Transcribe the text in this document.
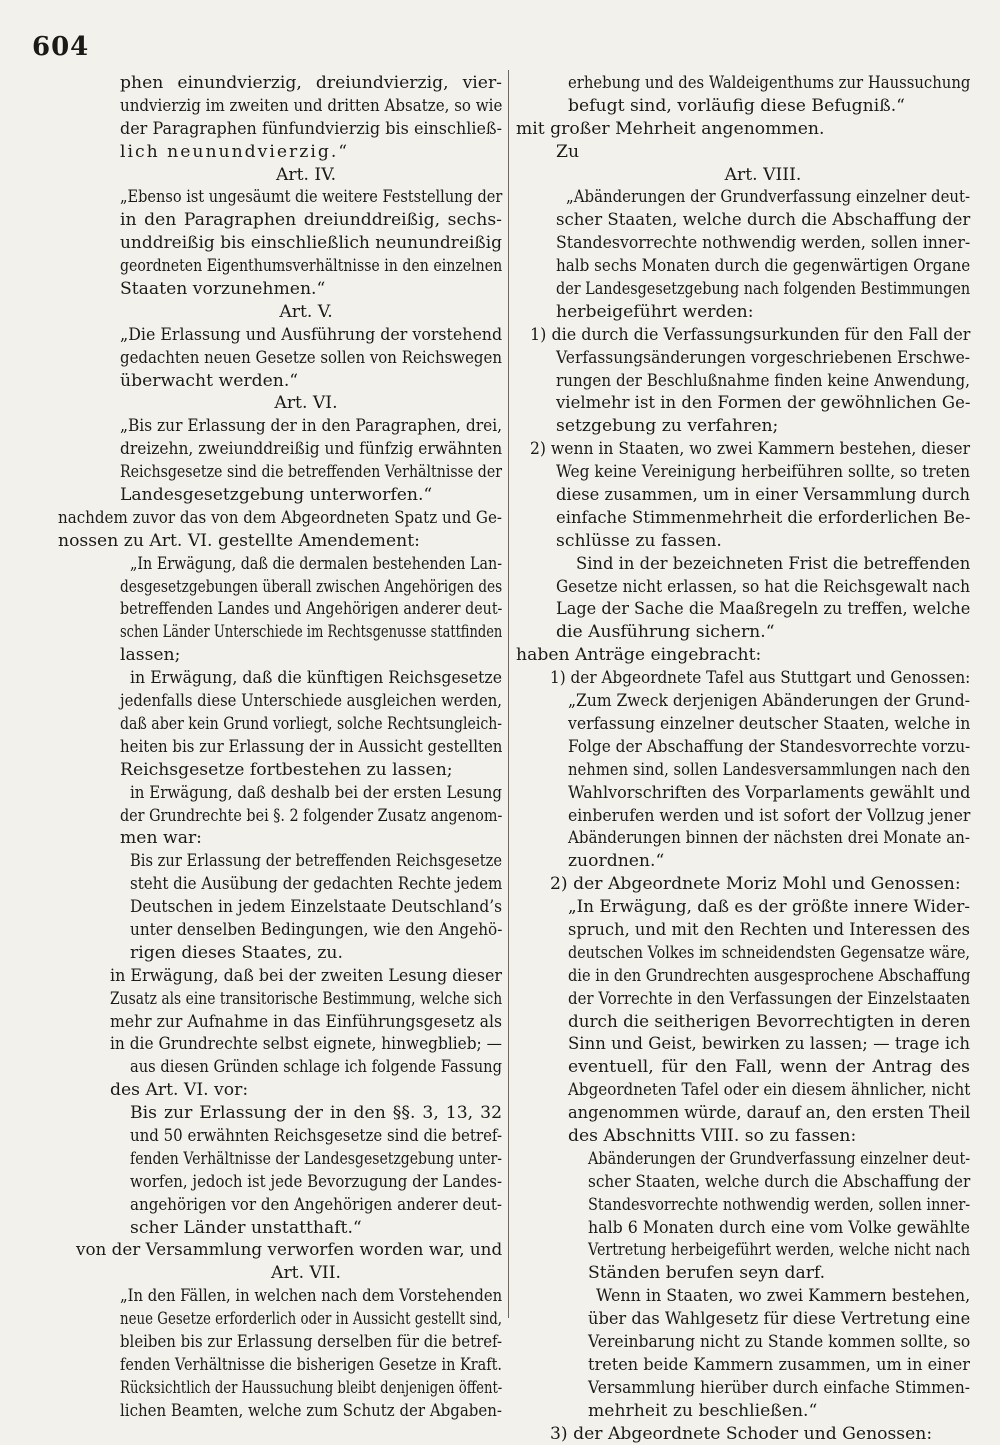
604
phen einundvierzig, dreiundvierzig, vier-
undvierzig im zweiten und dritten Absatze, so wie
der Paragraphen fünfundvierzig bis einschließ-
lich neunundvierzig.“
Art. IV.
„Ebenso ist ungesäumt die weitere Feststellung der
in den Paragraphen dreiunddreißig, sechs-
unddreißig bis einschließlich neunundreißig
geordneten Eigenthumsverhältnisse in den einzelnen
Staaten vorzunehmen.“
Art. V.
„Die Erlassung und Ausführung der vorstehend
gedachten neuen Gesetze sollen von Reichswegen
überwacht werden.“
Art. VI.
„Bis zur Erlassung der in den Paragraphen, drei,
dreizehn, zweiunddreißig und fünfzig erwähnten
Reichsgesetze sind die betreffenden Verhältnisse der
Landesgesetzgebung unterworfen.“
nachdem zuvor das von dem Abgeordneten Spatz und Ge-
nossen zu Art. VI. gestellte Amendement:
„In Erwägung, daß die dermalen bestehenden Lan-
desgesetzgebungen überall zwischen Angehörigen des
betreffenden Landes und Angehörigen anderer deut-
schen Länder Unterschiede im Rechtsgenusse stattfinden
lassen;
in Erwägung, daß die künftigen Reichsgesetze
jedenfalls diese Unterschiede ausgleichen werden,
daß aber kein Grund vorliegt, solche Rechtsungleich-
heiten bis zur Erlassung der in Aussicht gestellten
Reichsgesetze fortbestehen zu lassen;
in Erwägung, daß deshalb bei der ersten Lesung
der Grundrechte bei §. 2 folgender Zusatz angenom-
men war:
Bis zur Erlassung der betreffenden Reichsgesetze
steht die Ausübung der gedachten Rechte jedem
Deutschen in jedem Einzelstaate Deutschland’s
unter denselben Bedingungen, wie den Angehö-
rigen dieses Staates, zu.
in Erwägung, daß bei der zweiten Lesung dieser
Zusatz als eine transitorische Bestimmung, welche sich
mehr zur Aufnahme in das Einführungsgesetz als
in die Grundrechte selbst eignete, hinwegblieb; —
aus diesen Gründen schlage ich folgende Fassung
des Art. VI. vor:
Bis zur Erlassung der in den §§. 3, 13, 32
und 50 erwähnten Reichsgesetze sind die betref-
fenden Verhältnisse der Landesgesetzgebung unter-
worfen, jedoch ist jede Bevorzugung der Landes-
angehörigen vor den Angehörigen anderer deut-
scher Länder unstatthaft.“
von der Versammlung verworfen worden war, und
Art. VII.
„In den Fällen, in welchen nach dem Vorstehenden
neue Gesetze erforderlich oder in Aussicht gestellt sind,
bleiben bis zur Erlassung derselben für die betref-
fenden Verhältnisse die bisherigen Gesetze in Kraft.
Rücksichtlich der Haussuchung bleibt denjenigen öffent-
lichen Beamten, welche zum Schutz der Abgaben-
erhebung und des Waldeigenthums zur Haussuchung
befugt sind, vorläufig diese Befugniß.“
mit großer Mehrheit angenommen.
Zu
Art. VIII.
„Abänderungen der Grundverfassung einzelner deut-
scher Staaten, welche durch die Abschaffung der
Standesvorrechte nothwendig werden, sollen inner-
halb sechs Monaten durch die gegenwärtigen Organe
der Landesgesetzgebung nach folgenden Bestimmungen
herbeigeführt werden:
1) die durch die Verfassungsurkunden für den Fall der
Verfassungsänderungen vorgeschriebenen Erschwe-
rungen der Beschlußnahme finden keine Anwendung,
vielmehr ist in den Formen der gewöhnlichen Ge-
setzgebung zu verfahren;
2) wenn in Staaten, wo zwei Kammern bestehen, dieser
Weg keine Vereinigung herbeiführen sollte, so treten
diese zusammen, um in einer Versammlung durch
einfache Stimmenmehrheit die erforderlichen Be-
schlüsse zu fassen.
Sind in der bezeichneten Frist die betreffenden
Gesetze nicht erlassen, so hat die Reichsgewalt nach
Lage der Sache die Maaßregeln zu treffen, welche
die Ausführung sichern.“
haben Anträge eingebracht:
1) der Abgeordnete Tafel aus Stuttgart und Genossen:
„Zum Zweck derjenigen Abänderungen der Grund-
verfassung einzelner deutscher Staaten, welche in
Folge der Abschaffung der Standesvorrechte vorzu-
nehmen sind, sollen Landesversammlungen nach den
Wahlvorschriften des Vorparlaments gewählt und
einberufen werden und ist sofort der Vollzug jener
Abänderungen binnen der nächsten drei Monate an-
zuordnen.“
2) der Abgeordnete Moriz Mohl und Genossen:
„In Erwägung, daß es der größte innere Wider-
spruch, und mit den Rechten und Interessen des
deutschen Volkes im schneidendsten Gegensatze wäre,
die in den Grundrechten ausgesprochene Abschaffung
der Vorrechte in den Verfassungen der Einzelstaaten
durch die seitherigen Bevorrechtigten in deren
Sinn und Geist, bewirken zu lassen; — trage ich
eventuell, für den Fall, wenn der Antrag des
Abgeordneten Tafel oder ein diesem ähnlicher, nicht
angenommen würde, darauf an, den ersten Theil
des Abschnitts VIII. so zu fassen:
Abänderungen der Grundverfassung einzelner deut-
scher Staaten, welche durch die Abschaffung der
Standesvorrechte nothwendig werden, sollen inner-
halb 6 Monaten durch eine vom Volke gewählte
Vertretung herbeigeführt werden, welche nicht nach
Ständen berufen seyn darf.
Wenn in Staaten, wo zwei Kammern bestehen,
über das Wahlgesetz für diese Vertretung eine
Vereinbarung nicht zu Stande kommen sollte, so
treten beide Kammern zusammen, um in einer
Versammlung hierüber durch einfache Stimmen-
mehrheit zu beschließen.“
3) der Abgeordnete Schoder und Genossen:
